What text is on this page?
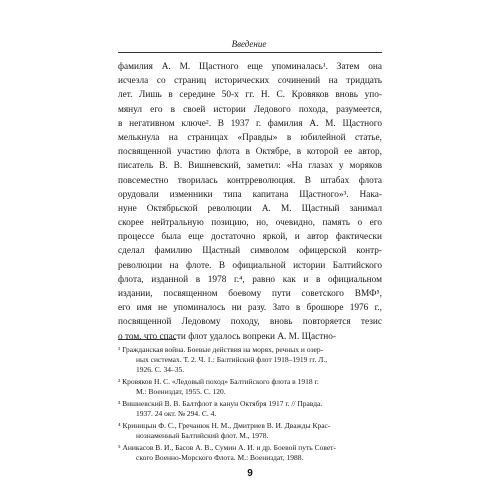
Введение
фамилия А. М. Щастного еще упоминалась¹. Затем она
исчезла со страниц исторических сочинений на тридцать
лет. Лишь в середине 50-х гг. Н. С. Кровяков вновь упо-
мянул его в своей истории Ледового похода, разумеется,
в негативном ключе². В 1937 г. фамилия А. М. Щастного
мелькнула на страницах «Правды» в юбилейной статье,
посвященной участию флота в Октябре, в которой ее автор,
писатель В. В. Вишневский, заметил: «На глазах у моряков
повсеместно творилась контрреволюция. В штабах флота
орудовали изменники типа капитана Щастного»³. Нака-
нуне Октябрьской революции А. М. Щастный занимал
скорее нейтральную позицию, но, очевидно, память о его
процессе была еще достаточно яркой, и автор фактически
сделал фамилию Щастный символом офицерской контр-
революции на флоте. В официальной истории Балтийского
флота, изданной в 1978 г.⁴, равно как и в официальном
издании, посвященном боевому пути советского ВМФ⁵,
его имя не упоминалось ни разу. Зато в брошюре 1976 г.,
посвященной Ледовому походу, вновь повторяется тезис
о том, что спасти флот удалось вопреки А. М. Щастно-
¹ Гражданская война. Боевые действия на морях, речных и озер-
ных системах. Т. 2. Ч. 1.: Балтийский флот 1918–1919 гг. Л.,
1926. С. 34–35.
² Кровяков Н. С. «Ледовый поход» Балтийского флота в 1918 г.
М.: Воениздат, 1955. С. 120.
³ Вишневский В. В. Балтфлот в канун Октября 1917 г. // Правда.
1937. 24 окт. № 294. С. 4.
⁴ Криницын Ф. С., Гречанюк Н. М., Дмитриев В. И. Дважды Крас-
нознаменный Балтийский флот. М., 1978.
⁵ Аникасов В. И., Басов А. В., Сумин А. И. и др. Боевой путь Совет-
ского Военно-Морского Флота. М.: Воениздат, 1988.
9
